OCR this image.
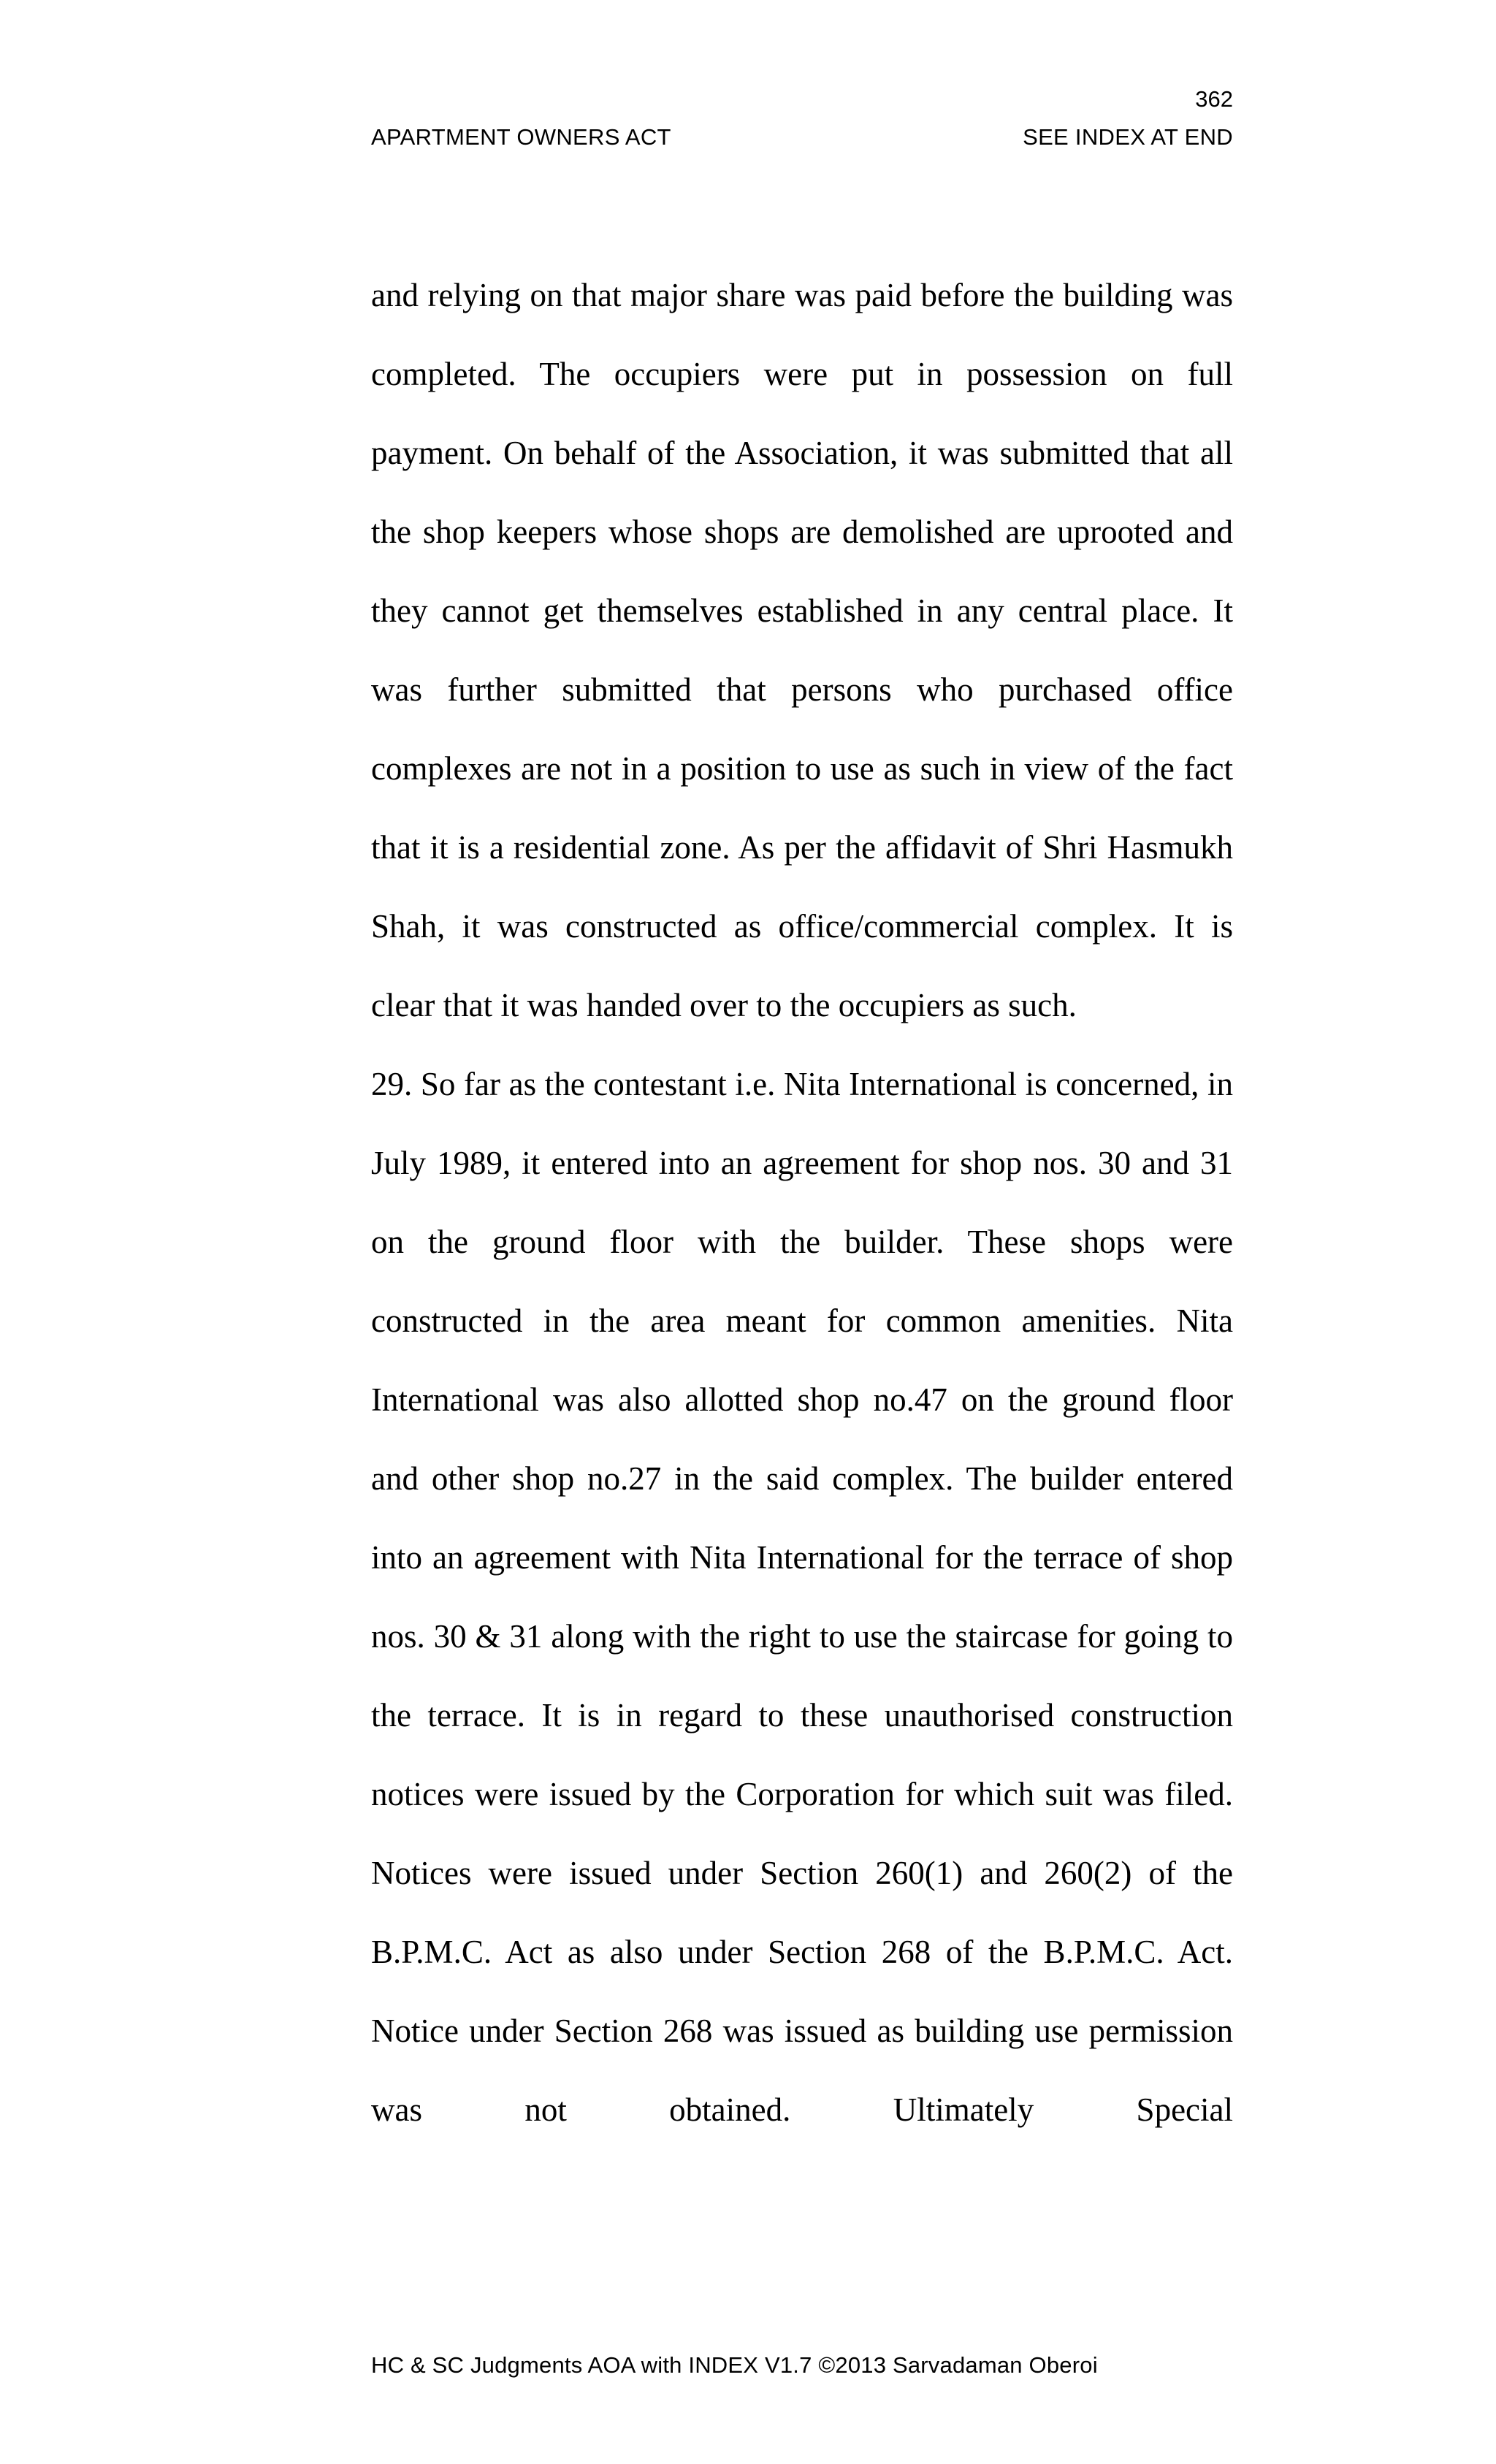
362
APARTMENT OWNERS ACT	SEE INDEX AT END

and relying on that major share was paid before the building was completed. The occupiers were put in possession on full payment. On behalf of the Association, it was submitted that all the shop keepers whose shops are demolished are uprooted and they cannot get themselves established in any central place. It was further submitted that persons who purchased office complexes are not in a position to use as such in view of the fact that it is a residential zone. As per the affidavit of Shri Hasmukh Shah, it was constructed as office/commercial complex. It is clear that it was handed over to the occupiers as such.

29. So far as the contestant i.e. Nita International is concerned, in July 1989, it entered into an agreement for shop nos. 30 and 31 on the ground floor with the builder. These shops were constructed in the area meant for common amenities. Nita International was also allotted shop no.47 on the ground floor and other shop no.27 in the said complex. The builder entered into an agreement with Nita International for the terrace of shop nos. 30 & 31 along with the right to use the staircase for going to the terrace. It is in regard to these unauthorised construction notices were issued by the Corporation for which suit was filed. Notices were issued under Section 260(1) and 260(2) of the B.P.M.C. Act as also under Section 268 of the B.P.M.C. Act. Notice under Section 268 was issued as building use permission was not obtained. Ultimately Special

HC & SC Judgments AOA with INDEX V1.7 ©2013 Sarvadaman Oberoi
